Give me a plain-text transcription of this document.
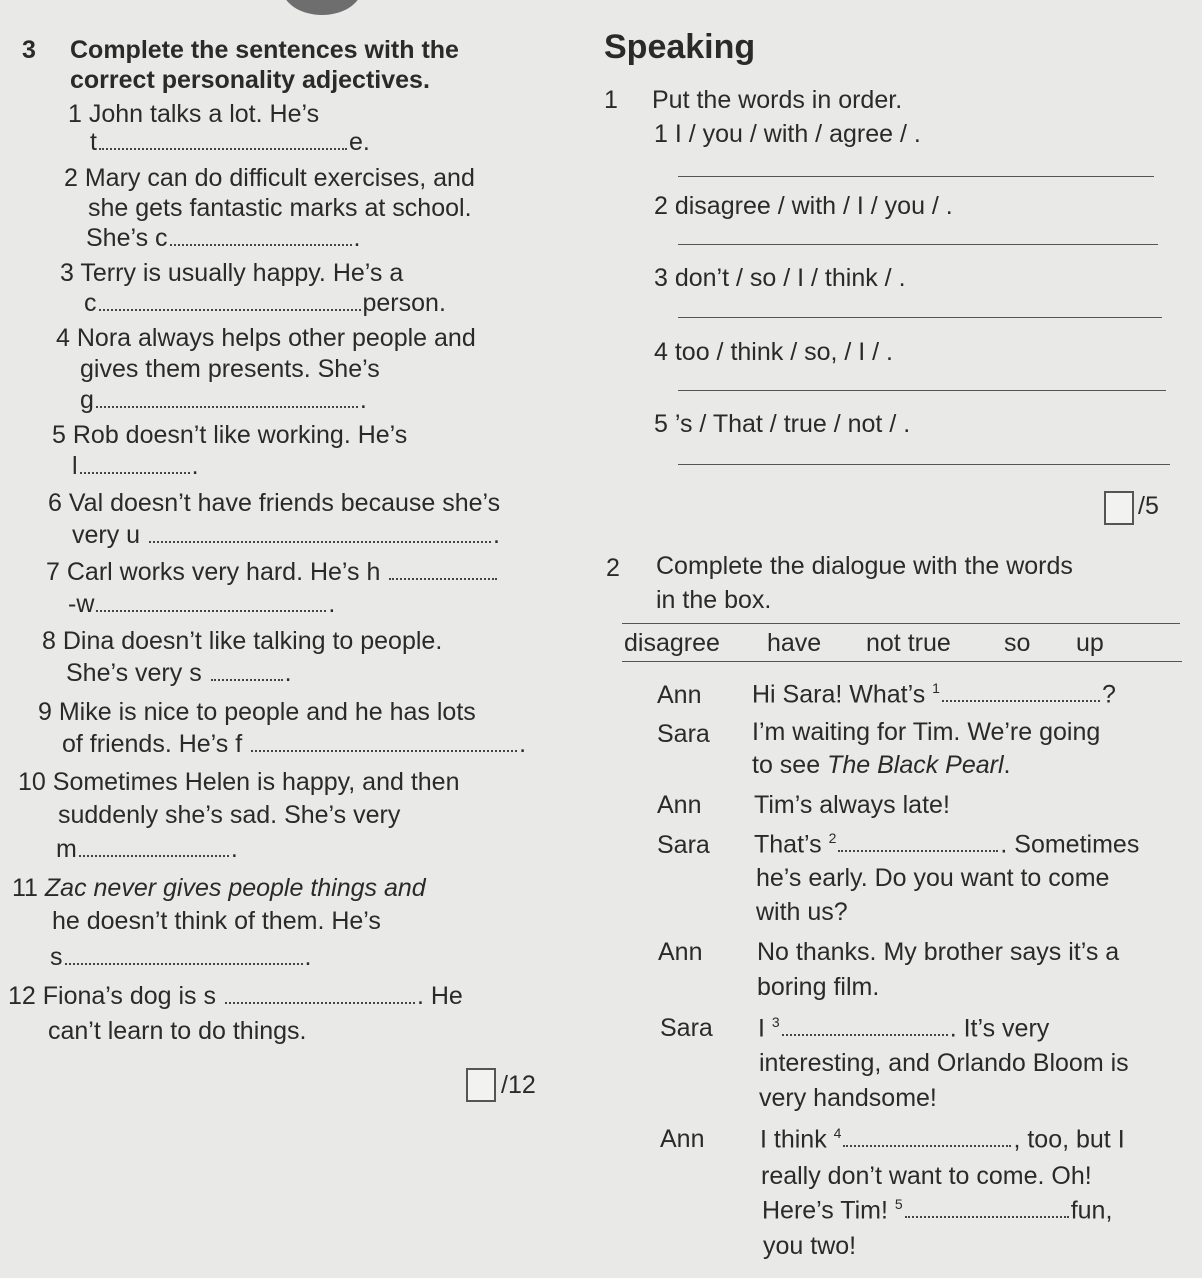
3 Complete the sentences with the
correct personality adjectives.
1 John talks a lot. He’s
t	e.
2 Mary can do difficult exercises, and
she gets fantastic marks at school.
She’s c	.
3 Terry is usually happy. He’s a
c	person.
4 Nora always helps other people and
gives them presents. She’s
g	.
5 Rob doesn’t like working. He’s
l	.
6 Val doesn’t have friends because she’s
very u	.
7 Carl works very hard. He’s h
-w	.
8 Dina doesn’t like talking to people.
She’s very s	.
9 Mike is nice to people and he has lots
of friends. He’s f	.
10 Sometimes Helen is happy, and then
suddenly she’s sad. She’s very
m	.
11 Zac never gives people things and
he doesn’t think of them. He’s
s	.
12 Fiona’s dog is s	. He
can’t learn to do things.
/12
Speaking
1 Put the words in order.
1 I / you / with / agree / .
2 disagree / with / I / you / .
3 don’t / so / I / think / .
4 too / think / so, / I / .
5 ’s / That / true / not / .
/5
2 Complete the dialogue with the words
in the box.
disagree have not true so up
Ann Hi Sara! What’s $^1$	?
Sara I’m waiting for Tim. We’re going
to see The Black Pearl.
Ann Tim’s always late!
Sara That’s $^2$	. Sometimes
he’s early. Do you want to come
with us?
Ann No thanks. My brother says it’s a
boring film.
Sara I $^3$	. It’s very
interesting, and Orlando Bloom is
very handsome!
Ann I think $^4$	, too, but I
really don’t want to come. Oh!
Here’s Tim! $^5$	fun,
you two!
